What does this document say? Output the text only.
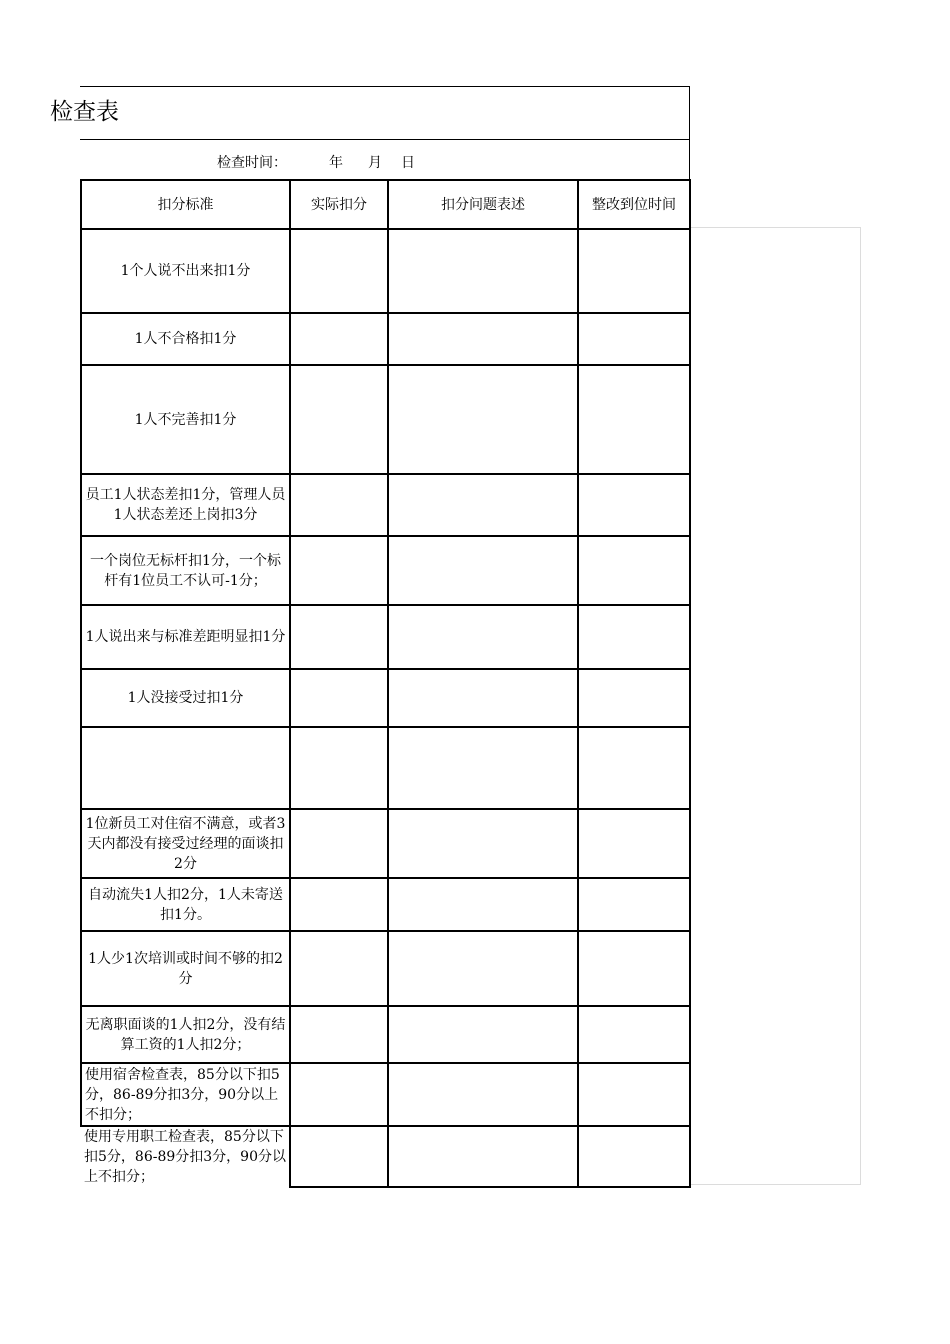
检查表
检查时间：	年 月 日
扣分标准	实际扣分	扣分问题表述	整改到位时间
1个人说不出来扣1分			
1人不合格扣1分			
1人不完善扣1分			
员工1人状态差扣1分，管理人员1人状态差还上岗扣3分			
一个岗位无标杆扣1分，一个标杆有1位员工不认可-1分；			
1人说出来与标准差距明显扣1分			
1人没接受过扣1分			

1位新员工对住宿不满意，或者3天内都没有接受过经理的面谈扣2分			
自动流失1人扣2分，1人未寄送扣1分。			
1人少1次培训或时间不够的扣2分			
无离职面谈的1人扣2分，没有结算工资的1人扣2分；			
使用宿舍检查表，85分以下扣5分，86-89分扣3分，90分以上不扣分；			
使用专用职工检查表，85分以下扣5分，86-89分扣3分，90分以上不扣分；			
